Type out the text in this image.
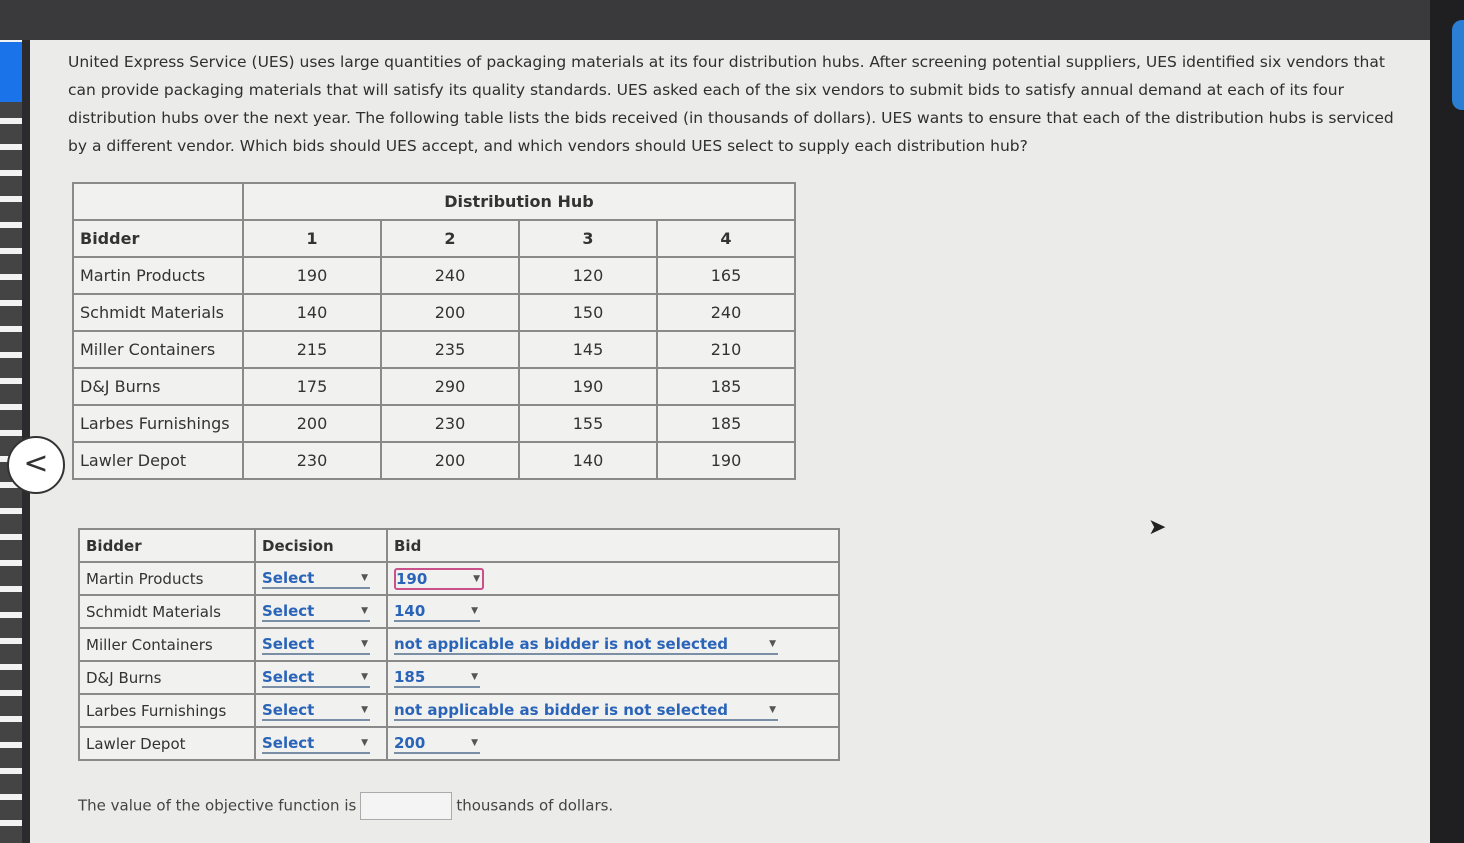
United Express Service (UES) uses large quantities of packaging materials at its four distribution hubs. After screening potential suppliers, UES identified six vendors that can provide packaging materials that will satisfy its quality standards. UES asked each of the six vendors to submit bids to satisfy annual demand at each of its four distribution hubs over the next year. The following table lists the bids received (in thousands of dollars). UES wants to ensure that each of the distribution hubs is serviced by a different vendor. Which bids should UES accept, and which vendors should UES select to supply each distribution hub?

	Distribution Hub			
Bidder	1	2	3	4
Martin Products	190	240	120	165
Schmidt Materials	140	200	150	240
Miller Containers	215	235	145	210
D&J Burns	175	290	190	185
Larbes Furnishings	200	230	155	185
Lawler Depot	230	200	140	190
Bidder	Decision	Bid
Martin Products	Select ▼	190 ▼

Schmidt Materials	Select ▼	140 ▼

Miller Containers	Select ▼	not applicable as bidder is not selected ▼

D&J Burns	Select ▼	185 ▼

Larbes Furnishings	Select ▼	not applicable as bidder is not selected ▼

Lawler Depot	Select ▼	200 ▼
The value of the objective function is	thousands of dollars.
<
➤
